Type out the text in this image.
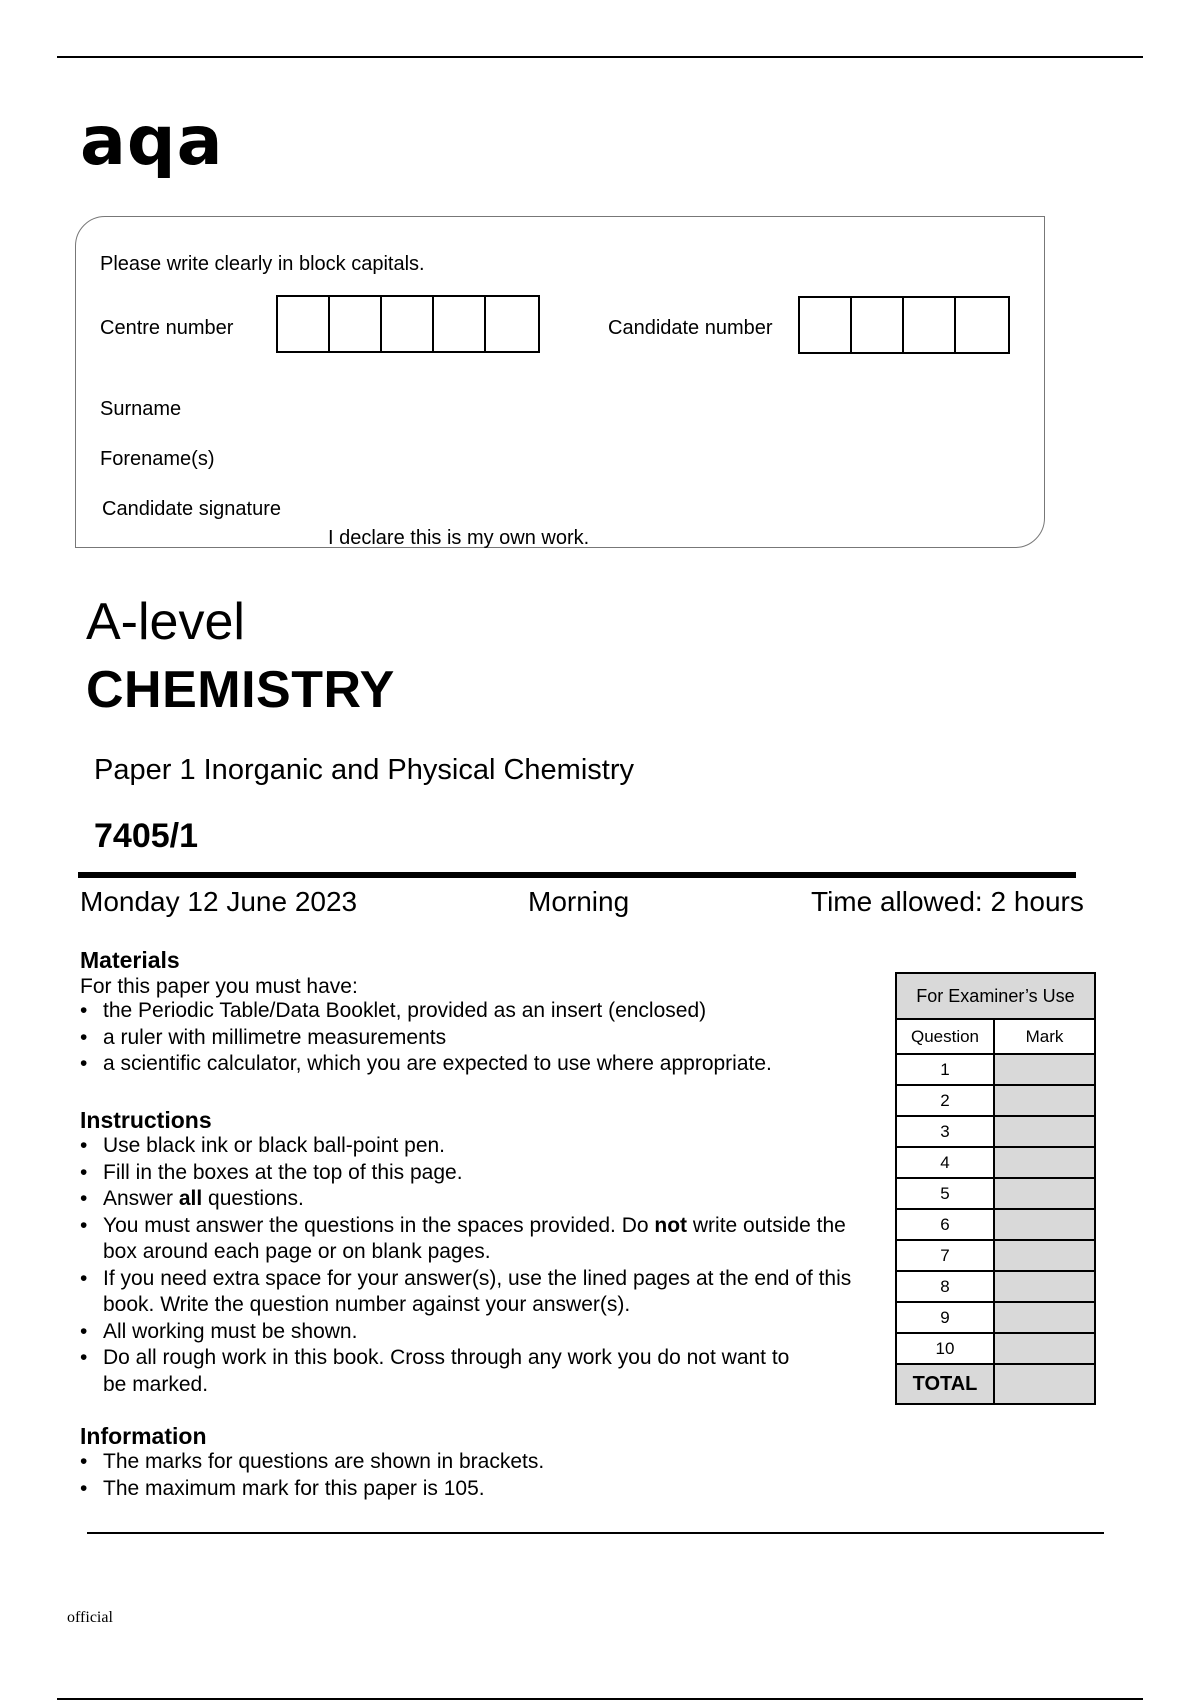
aqa
Please write clearly in block capitals.
Centre number	Candidate number
Surname
Forename(s)
Candidate signature
I declare this is my own work.
A-level
CHEMISTRY
Paper 1 Inorganic and Physical Chemistry
7405/1
Monday 12 June 2023	Morning	Time allowed: 2 hours
Materials
For this paper you must have:
• the Periodic Table/Data Booklet, provided as an insert (enclosed)
• a ruler with millimetre measurements
• a scientific calculator, which you are expected to use where appropriate.
Instructions
• Use black ink or black ball-point pen.
• Fill in the boxes at the top of this page.
• Answer all questions.
• You must answer the questions in the spaces provided. Do not write outside the box around each page or on blank pages.
• If you need extra space for your answer(s), use the lined pages at the end of this book. Write the question number against your answer(s).
• All working must be shown.
• Do all rough work in this book. Cross through any work you do not want to be marked.
Information
• The marks for questions are shown in brackets.
• The maximum mark for this paper is 105.
For Examiner’s Use	
Question	Mark
1	
2	
3	
4	
5	
6	
7	
8	
9	
10	
TOTAL	
official
